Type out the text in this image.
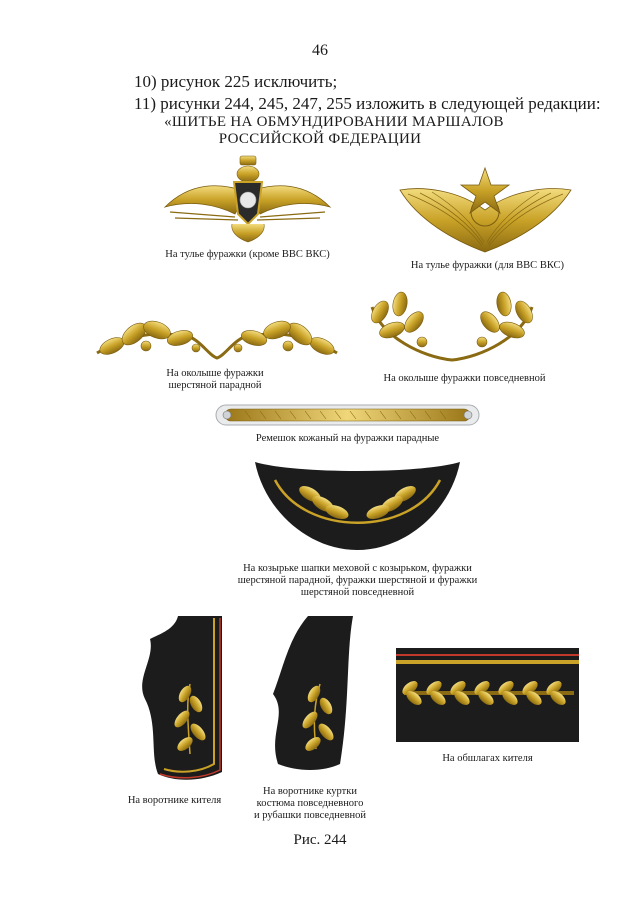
46
10) рисунок 225 исключить;
11) рисунки 244, 245, 247, 255 изложить в следующей редакции:
«ШИТЬЕ НА ОБМУНДИРОВАНИИ МАРШАЛОВ
РОССИЙСКОЙ ФЕДЕРАЦИИ
На тулье фуражки (кроме ВВС ВКС)
На тулье фуражки (для ВВС ВКС)
На околыше фуражки
шерстяной парадной
На околыше фуражки повседневной
Ремешок кожаный на фуражки парадные
На козырьке шапки меховой с козырьком, фуражки
шерстяной парадной, фуражки шерстяной и фуражки
шерстяной повседневной
На воротнике кителя
На воротнике куртки
костюма повседневного
и рубашки повседневной
На обшлагах кителя
Рис. 244
